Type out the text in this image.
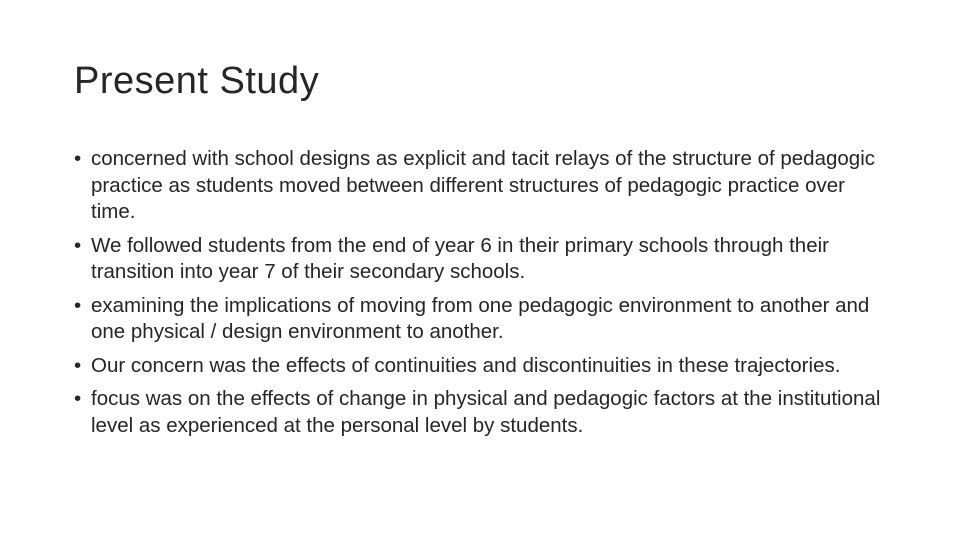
Present Study
• concerned with school designs as explicit and tacit relays of the structure of pedagogic practice as students moved between different structures of pedagogic practice over time.
• We followed students from the end of year 6 in their primary schools through their transition into year 7 of their secondary schools.
• examining the implications of moving from one pedagogic environment to another and one physical / design environment to another.
• Our concern was the effects of continuities and discontinuities in these trajectories.
• focus was on the effects of change in physical and pedagogic factors at the institutional level as experienced at the personal level by students.
